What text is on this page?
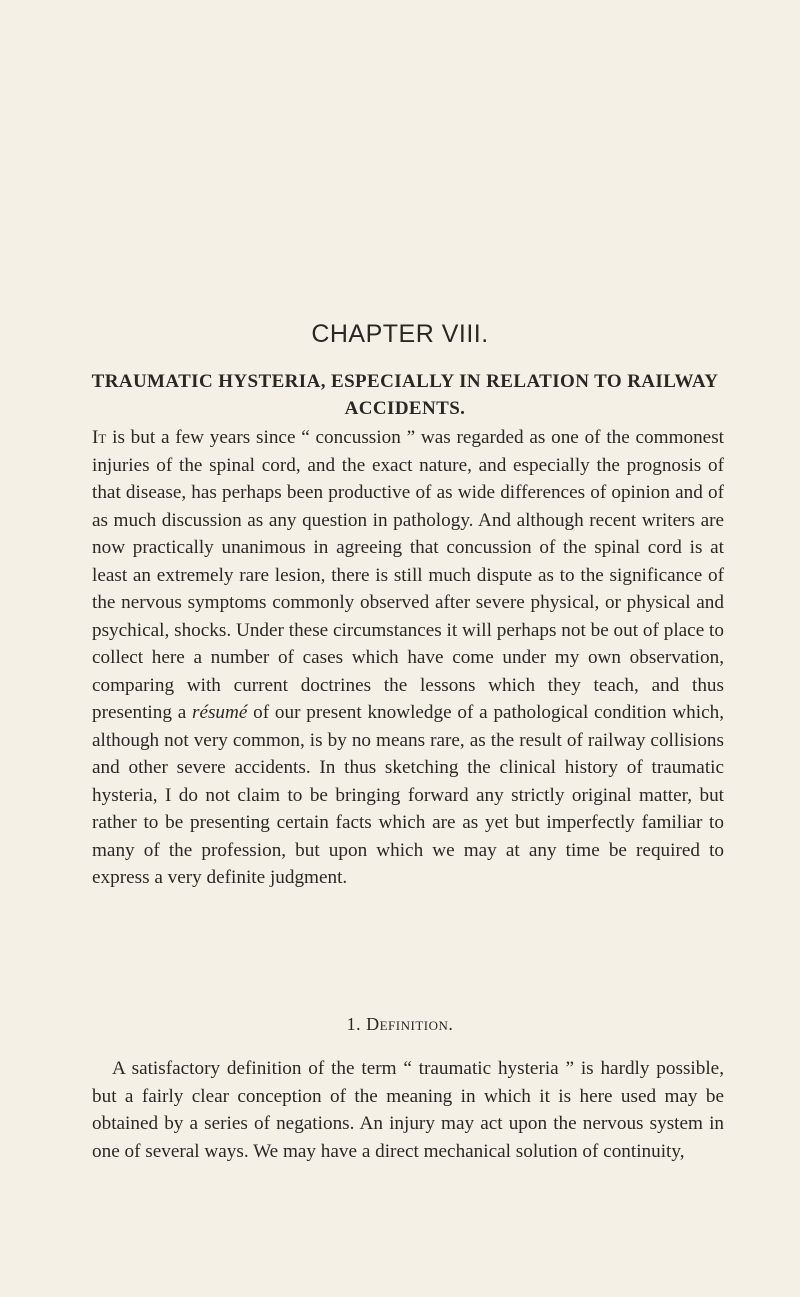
CHAPTER VIII.
TRAUMATIC HYSTERIA, ESPECIALLY IN RELATION TO RAILWAY ACCIDENTS.

It is but a few years since “ concussion ” was regarded as one of the commonest injuries of the spinal cord, and the exact nature, and especially the prognosis of that disease, has perhaps been productive of as wide differences of opinion and of as much discussion as any question in pathology. And although recent writers are now practically unanimous in agreeing that concussion of the spinal cord is at least an extremely rare lesion, there is still much dispute as to the significance of the nervous symptoms commonly observed after severe physical, or physical and psychical, shocks. Under these circumstances it will perhaps not be out of place to collect here a number of cases which have come under my own observation, comparing with current doctrines the lessons which they teach, and thus presenting a résumé of our present knowledge of a pathological condition which, although not very common, is by no means rare, as the result of railway collisions and other severe accidents. In thus sketching the clinical history of traumatic hysteria, I do not claim to be bringing forward any strictly original matter, but rather to be presenting certain facts which are as yet but imperfectly familiar to many of the profession, but upon which we may at any time be required to express a very definite judgment.

1. Definition.

A satisfactory definition of the term “ traumatic hysteria ” is hardly possible, but a fairly clear conception of the meaning in which it is here used may be obtained by a series of negations. An injury may act upon the nervous system in one of several ways. We may have a direct mechanical solution of continuity,
